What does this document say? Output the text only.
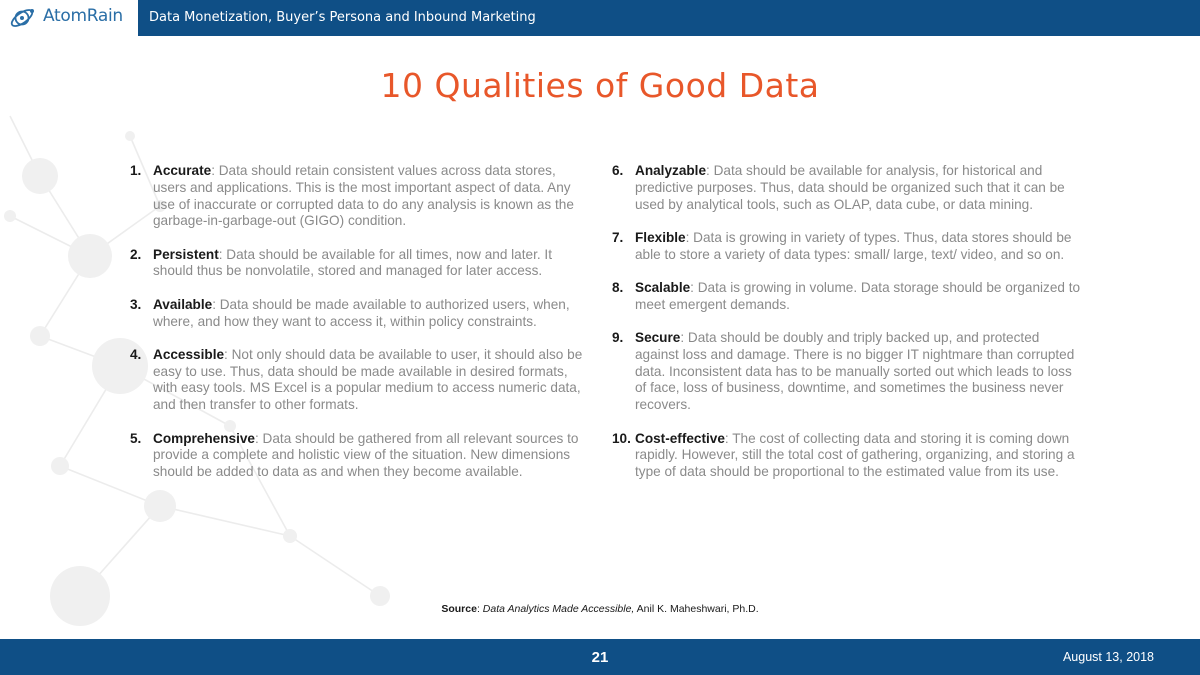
AtomRain Data Monetization, Buyer’s Persona and Inbound Marketing
10 Qualities of Good Data
1. Accurate: Data should retain consistent values across data stores, users and applications. This is the most important aspect of data. Any use of inaccurate or corrupted data to do any analysis is known as the garbage-in-garbage-out (GIGO) condition.
2. Persistent: Data should be available for all times, now and later. It should thus be nonvolatile, stored and managed for later access.
3. Available: Data should be made available to authorized users, when, where, and how they want to access it, within policy constraints.
4. Accessible: Not only should data be available to user, it should also be easy to use. Thus, data should be made available in desired formats, with easy tools. MS Excel is a popular medium to access numeric data, and then transfer to other formats.
5. Comprehensive: Data should be gathered from all relevant sources to provide a complete and holistic view of the situation. New dimensions should be added to data as and when they become available.
6. Analyzable: Data should be available for analysis, for historical and predictive purposes. Thus, data should be organized such that it can be used by analytical tools, such as OLAP, data cube, or data mining.
7. Flexible: Data is growing in variety of types. Thus, data stores should be able to store a variety of data types: small/ large, text/ video, and so on.
8. Scalable: Data is growing in volume. Data storage should be organized to meet emergent demands.
9. Secure: Data should be doubly and triply backed up, and protected against loss and damage. There is no bigger IT nightmare than corrupted data. Inconsistent data has to be manually sorted out which leads to loss of face, loss of business, downtime, and sometimes the business never recovers.
10. Cost-effective: The cost of collecting data and storing it is coming down rapidly. However, still the total cost of gathering, organizing, and storing a type of data should be proportional to the estimated value from its use.
Source: Data Analytics Made Accessible, Anil K. Maheshwari, Ph.D.
21	August 13, 2018
